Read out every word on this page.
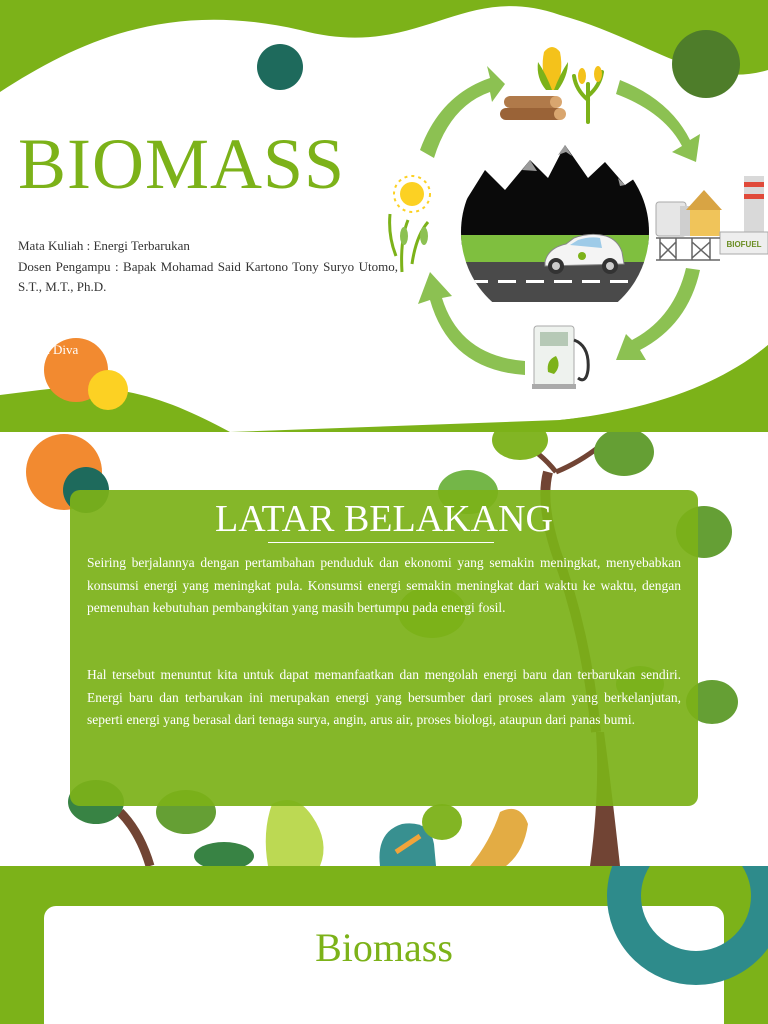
BIOMASS

Mata Kuliah : Energi Terbarukan

Dosen Pengampu : Bapak Mohamad Said Kartono Tony Suryo Utomo, S.T., M.T., Ph.D.

Adara Diva
BIOFUEL
LATAR BELAKANG

Seiring berjalannya dengan pertambahan penduduk dan ekonomi yang semakin meningkat, menyebabkan konsumsi energi yang meningkat pula. Konsumsi energi semakin meningkat dari waktu ke waktu, dengan pemenuhan kebutuhan pembangkitan yang masih bertumpu pada energi fosil.

Hal tersebut menuntut kita untuk dapat memanfaatkan dan mengolah energi baru dan terbarukan sendiri. Energi baru dan terbarukan ini merupakan energi yang bersumber dari proses alam yang berkelanjutan, seperti energi yang berasal dari tenaga surya, angin, arus air, proses biologi, ataupun dari panas bumi.

Biomass
